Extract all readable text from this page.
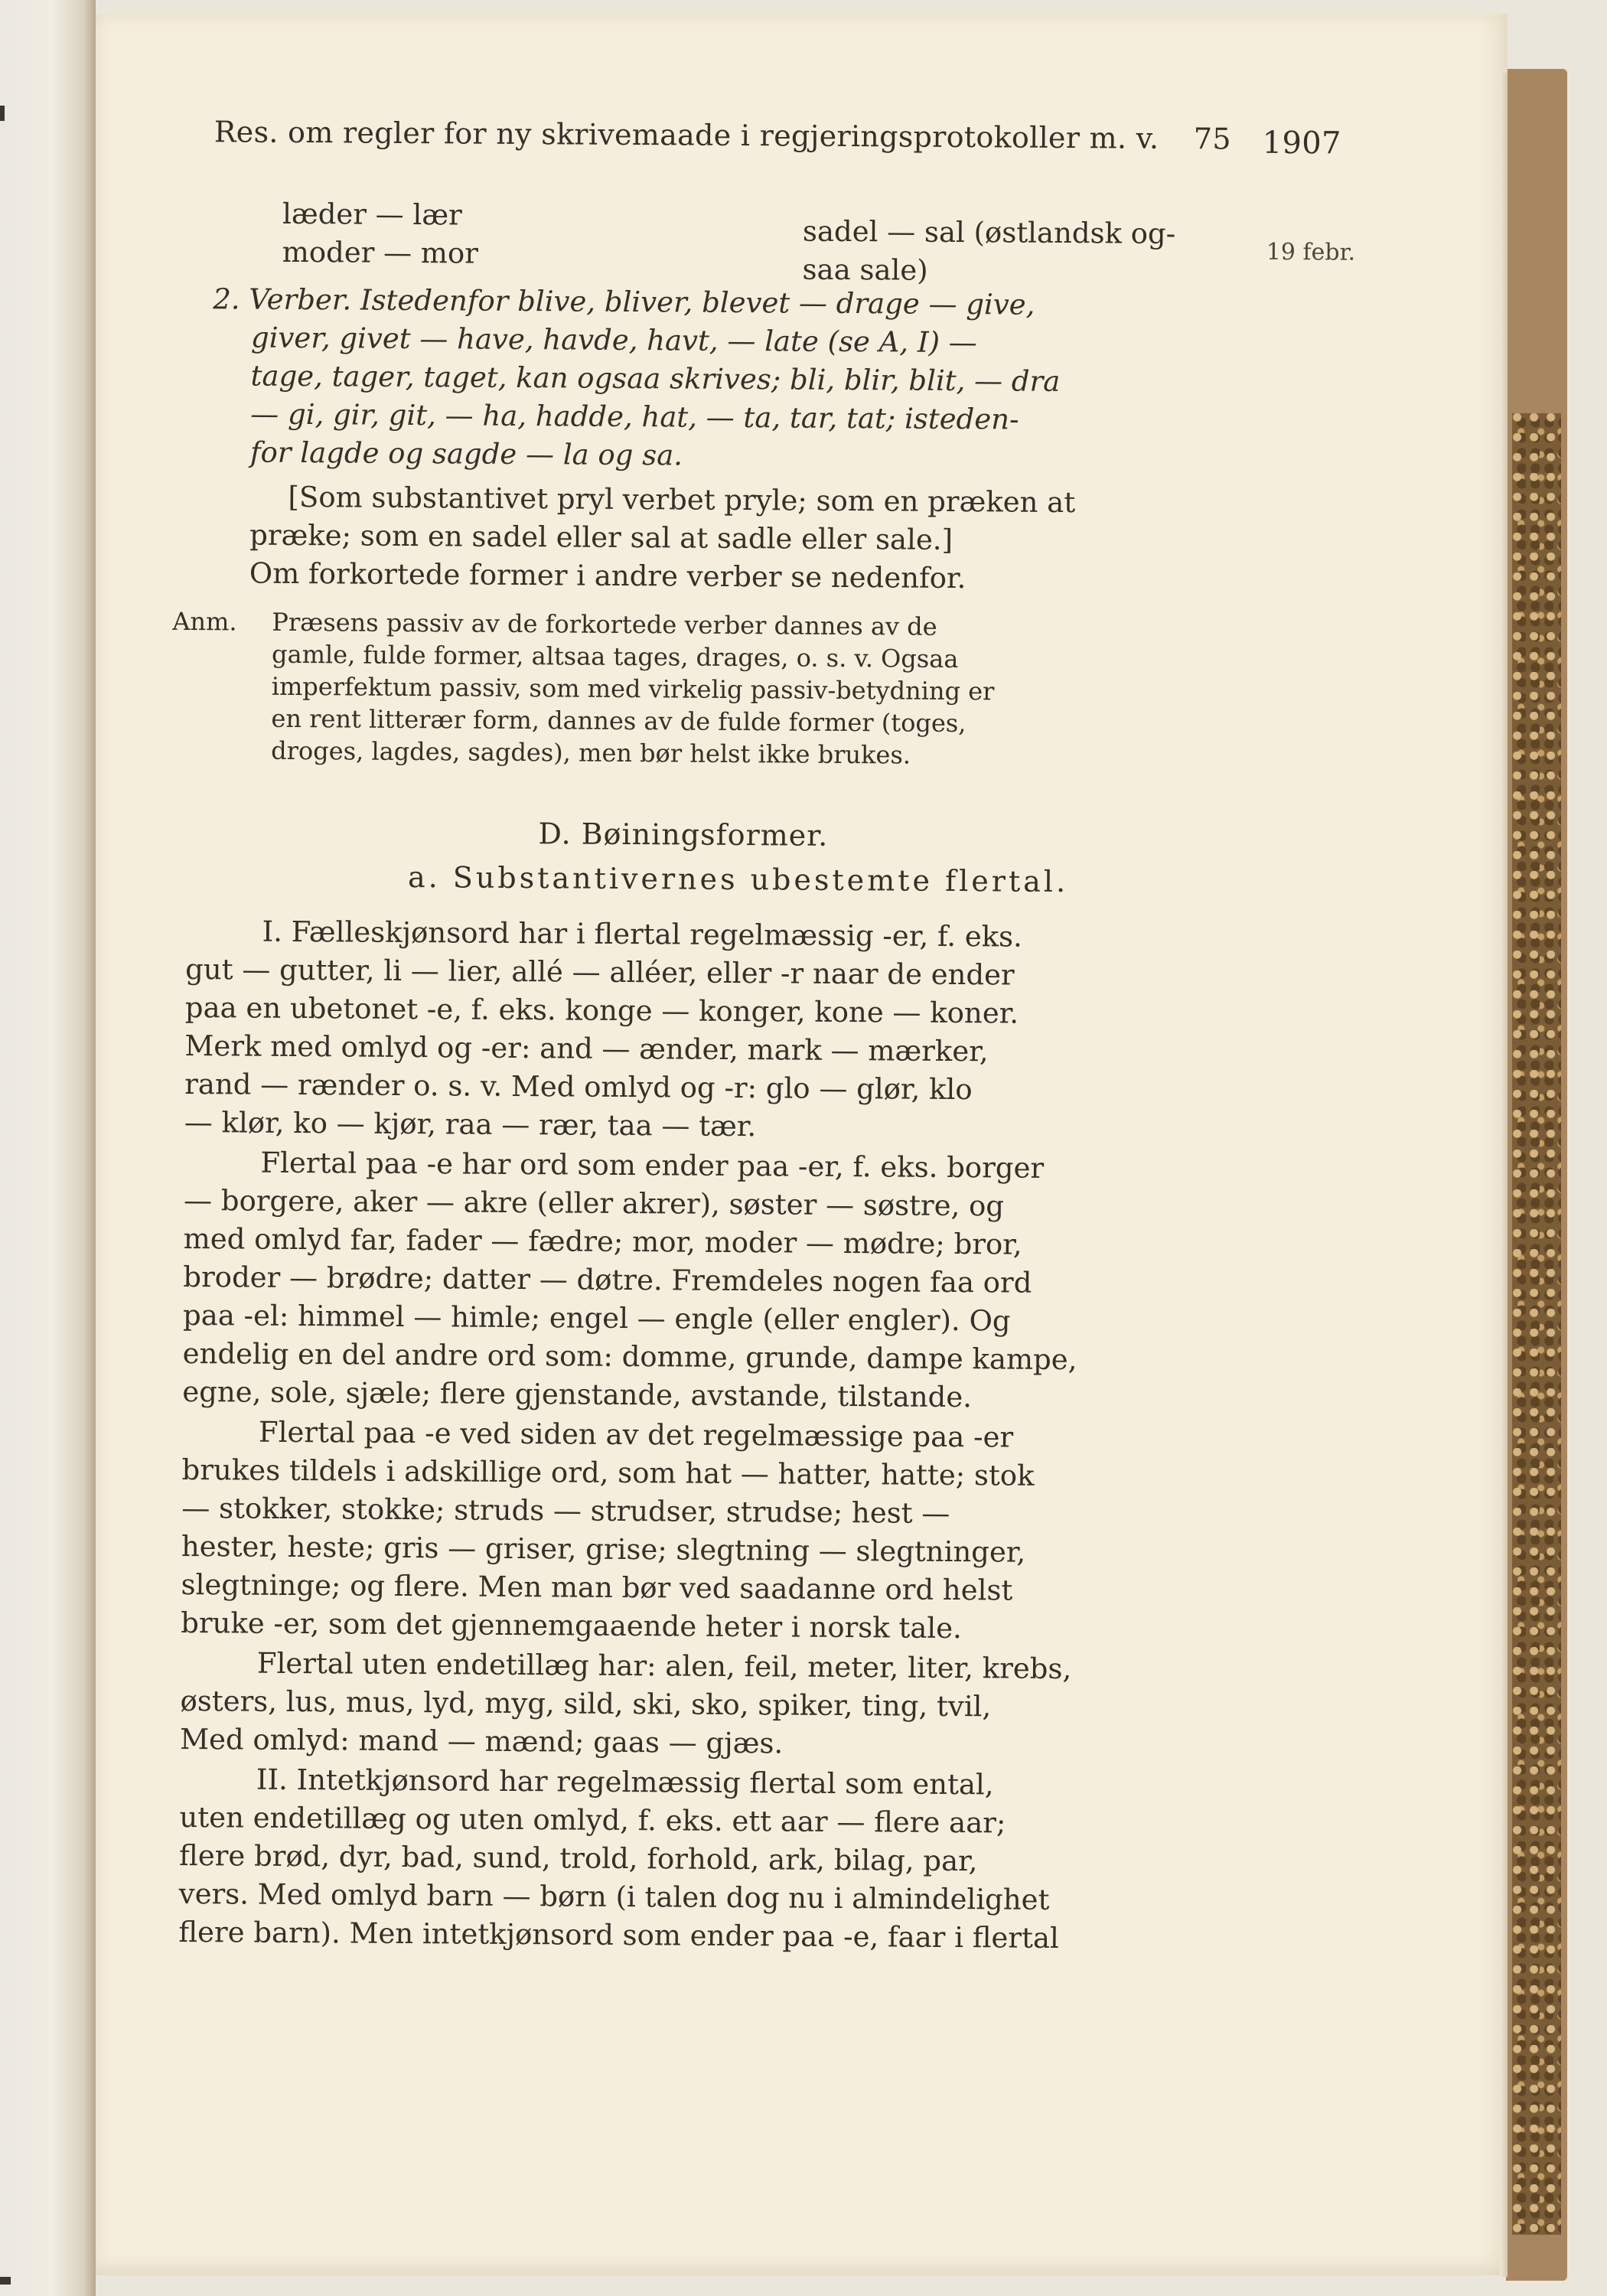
Res. om regler for ny skrivemaade i regjeringsprotokoller m. v. 75 1907
19 febr.
læder — lær
sadel — sal (østlandsk og-
moder — mor
saa sale)
2. Verber. Istedenfor blive, bliver, blevet — drage — give,
giver, givet — have, havde, havt, — late (se A, I) —
tage, tager, taget, kan ogsaa skrives; bli, blir, blit, — dra
— gi, gir, git, — ha, hadde, hat, — ta, tar, tat; isteden-
for lagde og sagde — la og sa.
[Som substantivet pryl verbet pryle; som en præken at
præke; som en sadel eller sal at sadle eller sale.]
Om forkortede former i andre verber se nedenfor.
Anm.	Præsens passiv av de forkortede verber dannes av de
gamle, fulde former, altsaa tages, drages, o. s. v. Ogsaa
imperfektum passiv, som med virkelig passiv-betydning er
en rent litterær form, dannes av de fulde former (toges,
droges, lagdes, sagdes), men bør helst ikke brukes.
D. Bøiningsformer.
a. Substantivernes ubestemte flertal.
I. Fælleskjønsord har i flertal regelmæssig -er, f. eks.
gut — gutter, li — lier, allé — alléer, eller -r naar de ender
paa en ubetonet -e, f. eks. konge — konger, kone — koner.
Merk med omlyd og -er: and — ænder, mark — mærker,
rand — rænder o. s. v. Med omlyd og -r: glo — glør, klo
— klør, ko — kjør, raa — rær, taa — tær.
Flertal paa -e har ord som ender paa -er, f. eks. borger
— borgere, aker — akre (eller akrer), søster — søstre, og
med omlyd far, fader — fædre; mor, moder — mødre; bror,
broder — brødre; datter — døtre. Fremdeles nogen faa ord
paa -el: himmel — himle; engel — engle (eller engler). Og
endelig en del andre ord som: domme, grunde, dampe kampe,
egne, sole, sjæle; flere gjenstande, avstande, tilstande.
Flertal paa -e ved siden av det regelmæssige paa -er
brukes tildels i adskillige ord, som hat — hatter, hatte; stok
— stokker, stokke; struds — strudser, strudse; hest —
hester, heste; gris — griser, grise; slegtning — slegtninger,
slegtninge; og flere. Men man bør ved saadanne ord helst
bruke -er, som det gjennemgaaende heter i norsk tale.
Flertal uten endetillæg har: alen, feil, meter, liter, krebs,
østers, lus, mus, lyd, myg, sild, ski, sko, spiker, ting, tvil,
Med omlyd: mand — mænd; gaas — gjæs.
II. Intetkjønsord har regelmæssig flertal som ental,
uten endetillæg og uten omlyd, f. eks. ett aar — flere aar;
flere brød, dyr, bad, sund, trold, forhold, ark, bilag, par,
vers. Med omlyd barn — børn (i talen dog nu i almindelighet
flere barn). Men intetkjønsord som ender paa -e, faar i flertal
